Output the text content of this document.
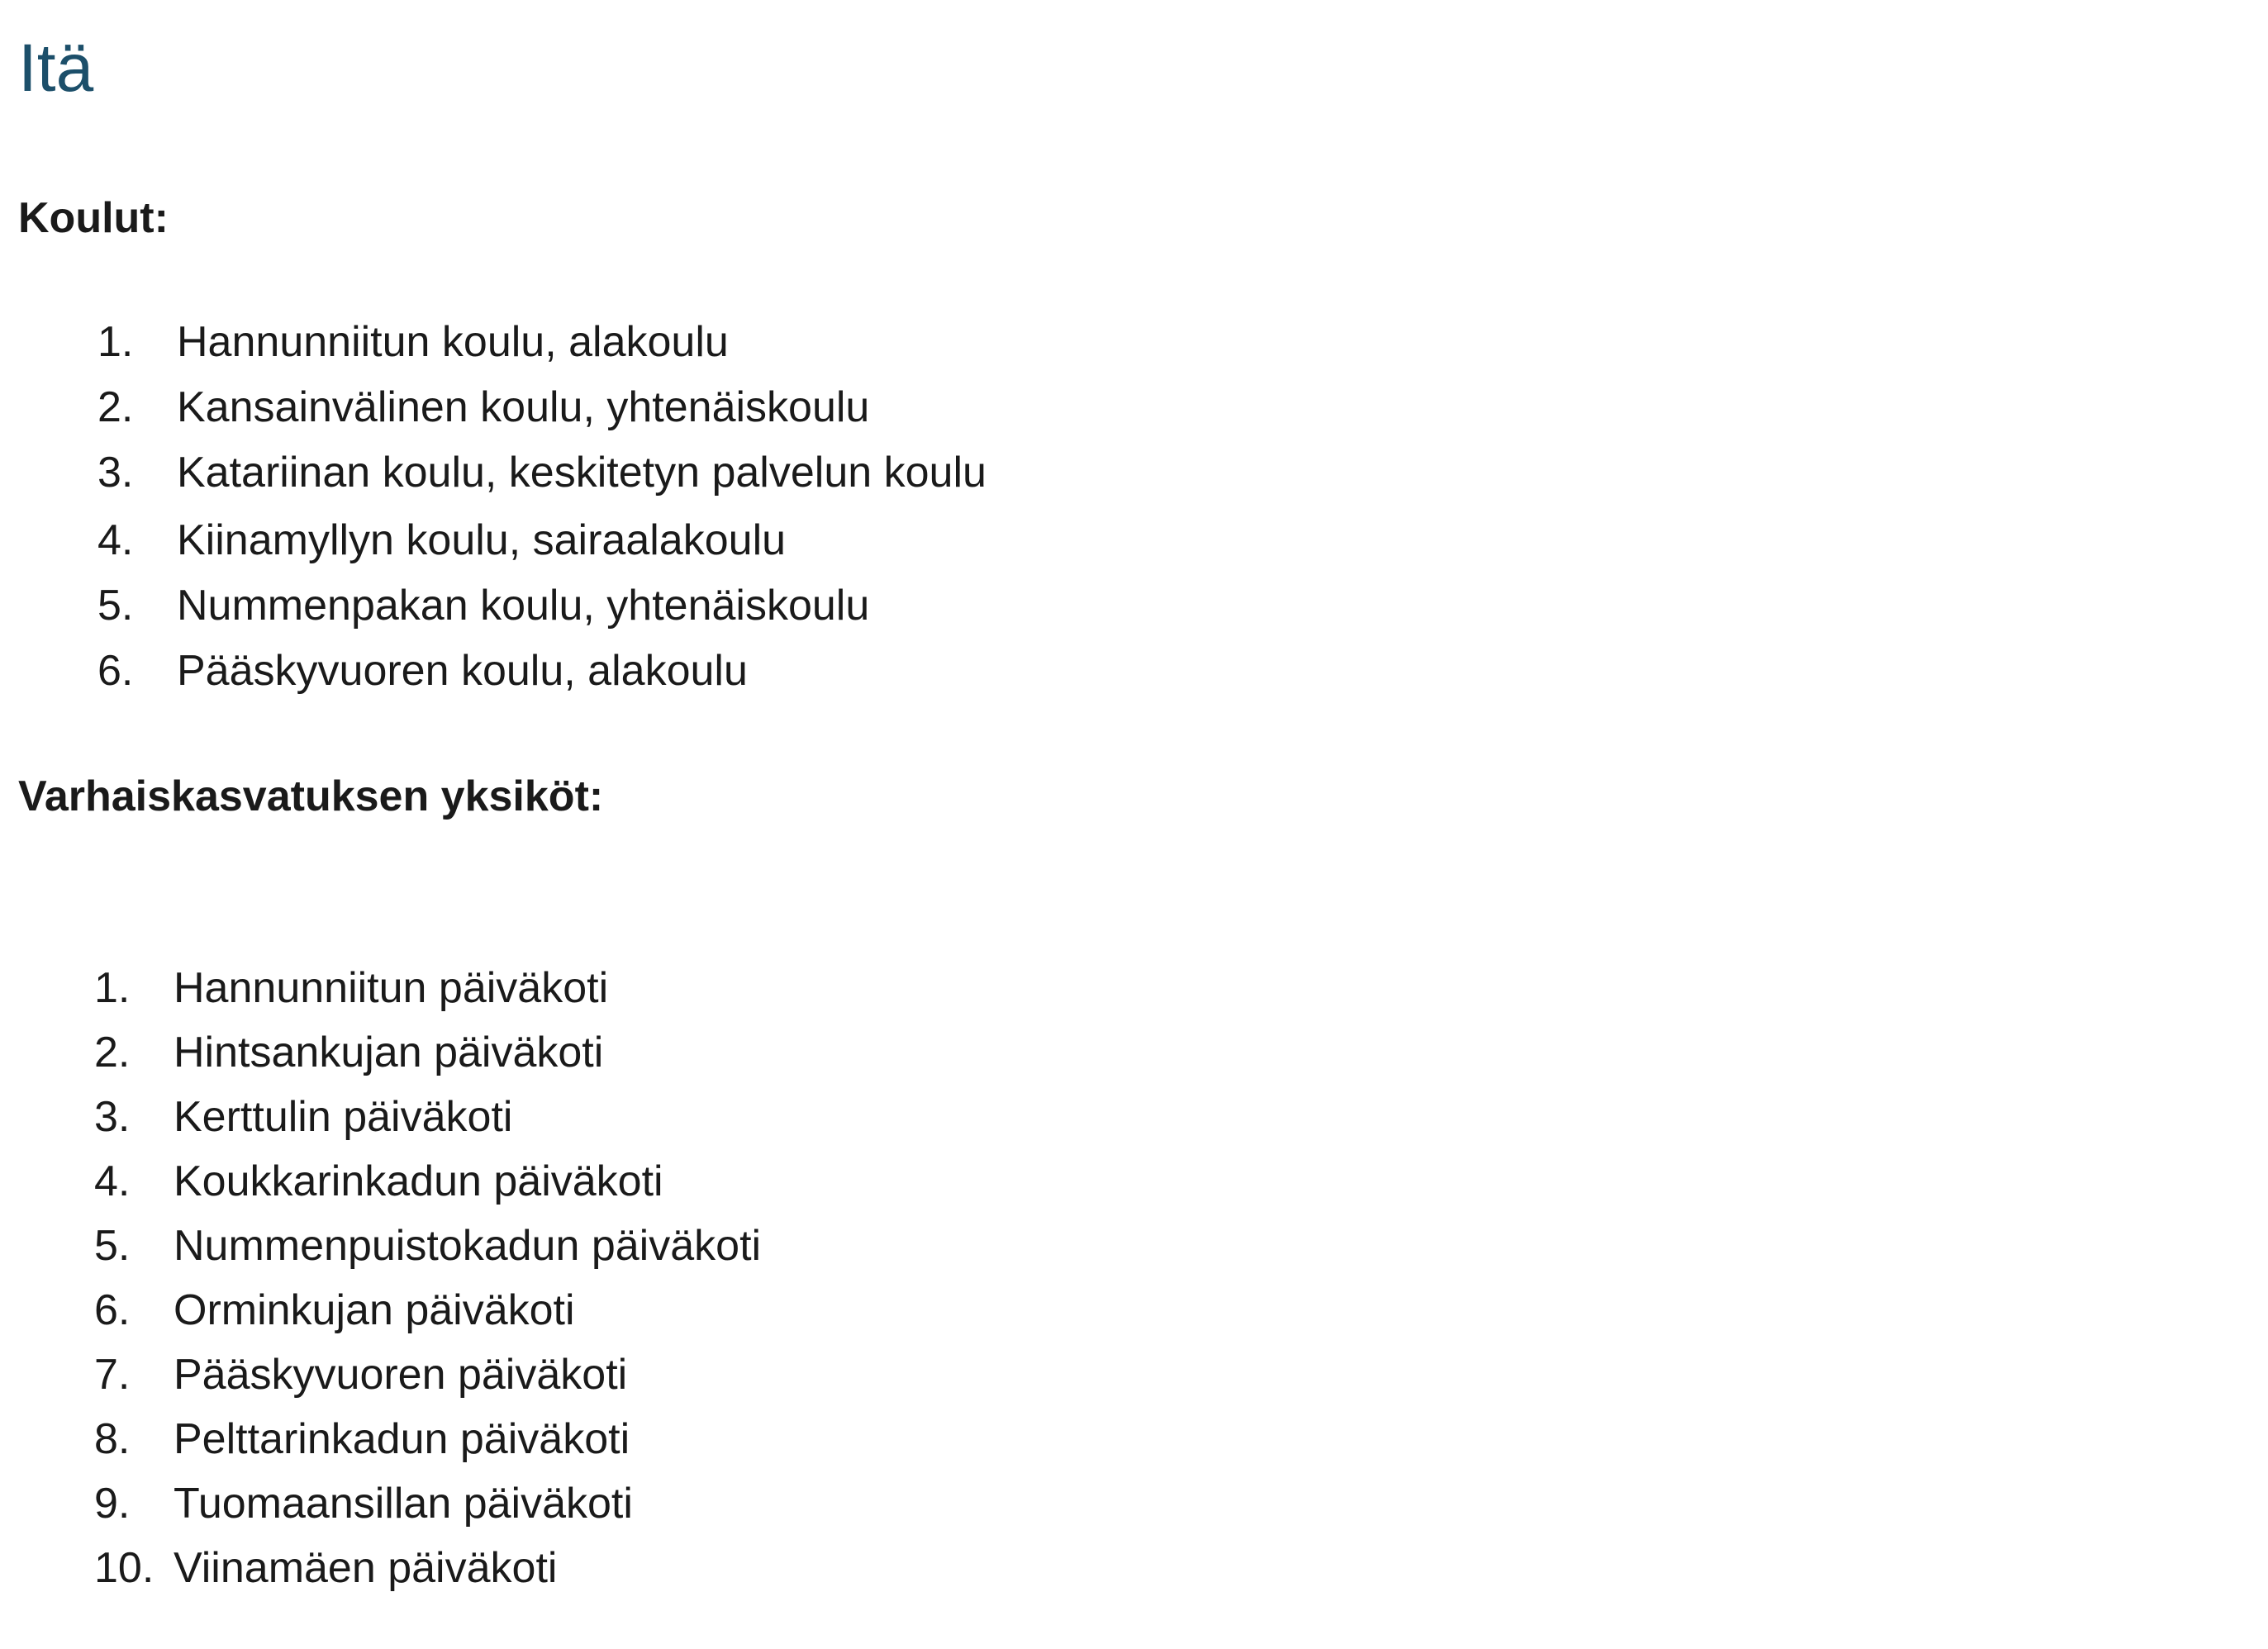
Itä
Koulut:
1. Hannunniitun koulu, alakoulu
2. Kansainvälinen koulu, yhtenäiskoulu
3. Katariinan koulu, keskitetyn palvelun koulu
4. Kiinamyllyn koulu, sairaalakoulu
5. Nummenpakan koulu, yhtenäiskoulu
6. Pääskyvuoren koulu, alakoulu
Varhaiskasvatuksen yksiköt:
1. Hannunniitun päiväkoti
2. Hintsankujan päiväkoti
3. Kerttulin päiväkoti
4. Koukkarinkadun päiväkoti
5. Nummenpuistokadun päiväkoti
6. Orminkujan päiväkoti
7. Pääskyvuoren päiväkoti
8. Pelttarinkadun päiväkoti
9. Tuomaansillan päiväkoti
10. Viinamäen päiväkoti
